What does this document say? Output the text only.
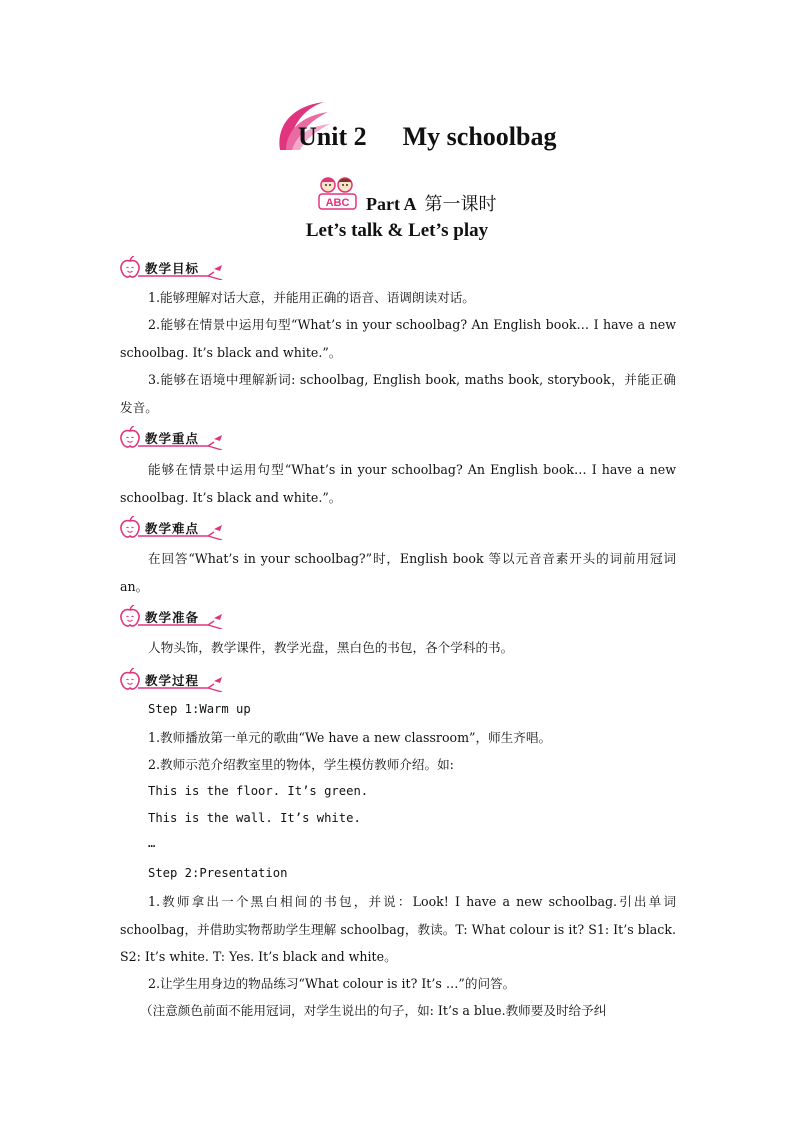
Unit 2 My schoolbag
ABC Part A 第一课时
Let’s talk & Let’s play
教学目标
1.能够理解对话大意，并能用正确的语音、语调朗读对话。
2.能够在情景中运用句型“What’s in your schoolbag? An English book… I have a new schoolbag. It’s black and white.”。
3.能够在语境中理解新词: schoolbag, English book, maths book, storybook，并能正确发音。
教学重点
能够在情景中运用句型“What’s in your schoolbag? An English book… I have a new schoolbag. It’s black and white.”。
教学难点
在回答“What’s in your schoolbag?”时，English book 等以元音音素开头的词前用冠词 an。
教学准备
人物头饰，教学课件，教学光盘，黑白色的书包，各个学科的书。
教学过程
Step 1:Warm up
1.教师播放第一单元的歌曲“We have a new classroom”，师生齐唱。
2.教师示范介绍教室里的物体，学生模仿教师介绍。如:
This is the floor. It’s green.
This is the wall. It’s white.
…
Step 2:Presentation
1.教师拿出一个黑白相间的书包，并说：Look! I have a new schoolbag.引出单词 schoolbag，并借助实物帮助学生理解 schoolbag，教读。T: What colour is it? S1: It’s black. S2: It’s white. T: Yes. It’s black and white。
2.让学生用身边的物品练习“What colour is it? It’s …”的问答。
（注意颜色前面不能用冠词，对学生说出的句子，如: It’s a blue.教师要及时给予纠
